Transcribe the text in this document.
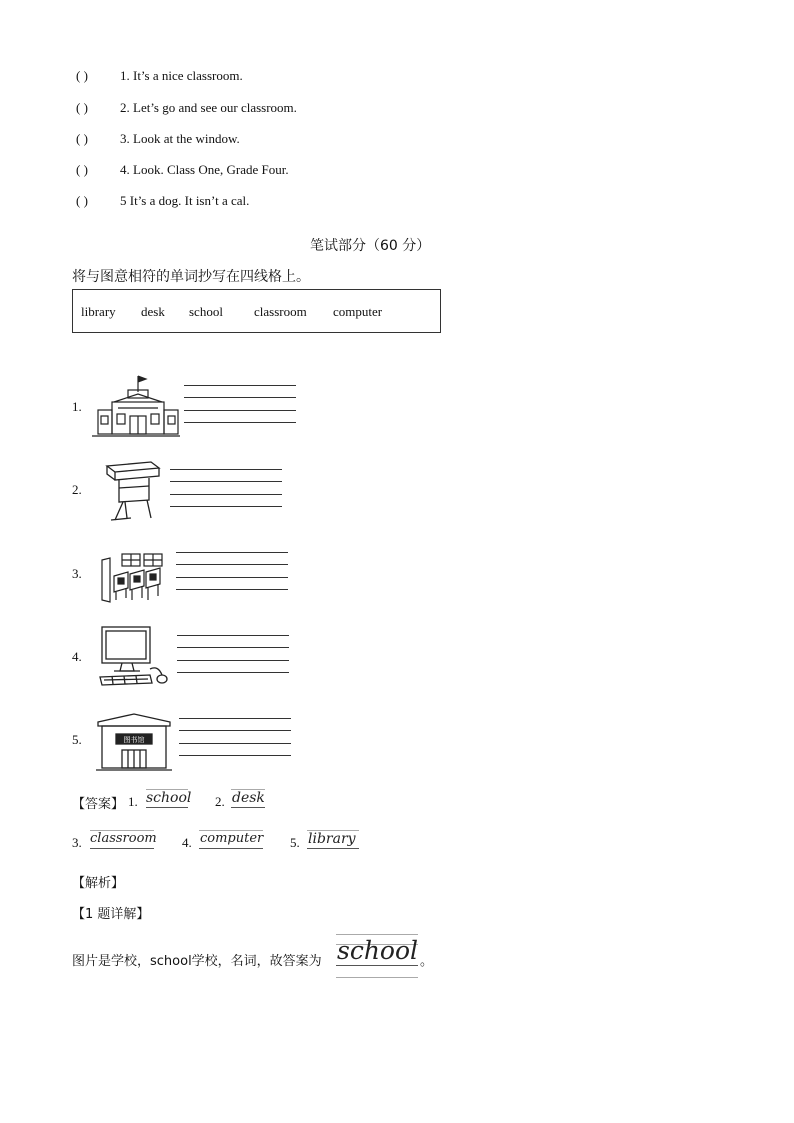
( ) 1. It’s a nice classroom.
( ) 2. Let’s go and see our classroom.
( ) 3. Look at the window.
( ) 4. Look. Class One, Grade Four.
( ) 5 It’s a dog. It isn’t a cal.
笔试部分（60 分）
将与图意相符的单词抄写在四线格上。
library desk school classroom computer
1.
2.
3.
4.
5.	图书馆
【答案】 1. school 2. desk
3. classroom 4. computer 5. library
【解析】
【1 题详解】
图片是学校，school学校，名词，故答案为 school 。
